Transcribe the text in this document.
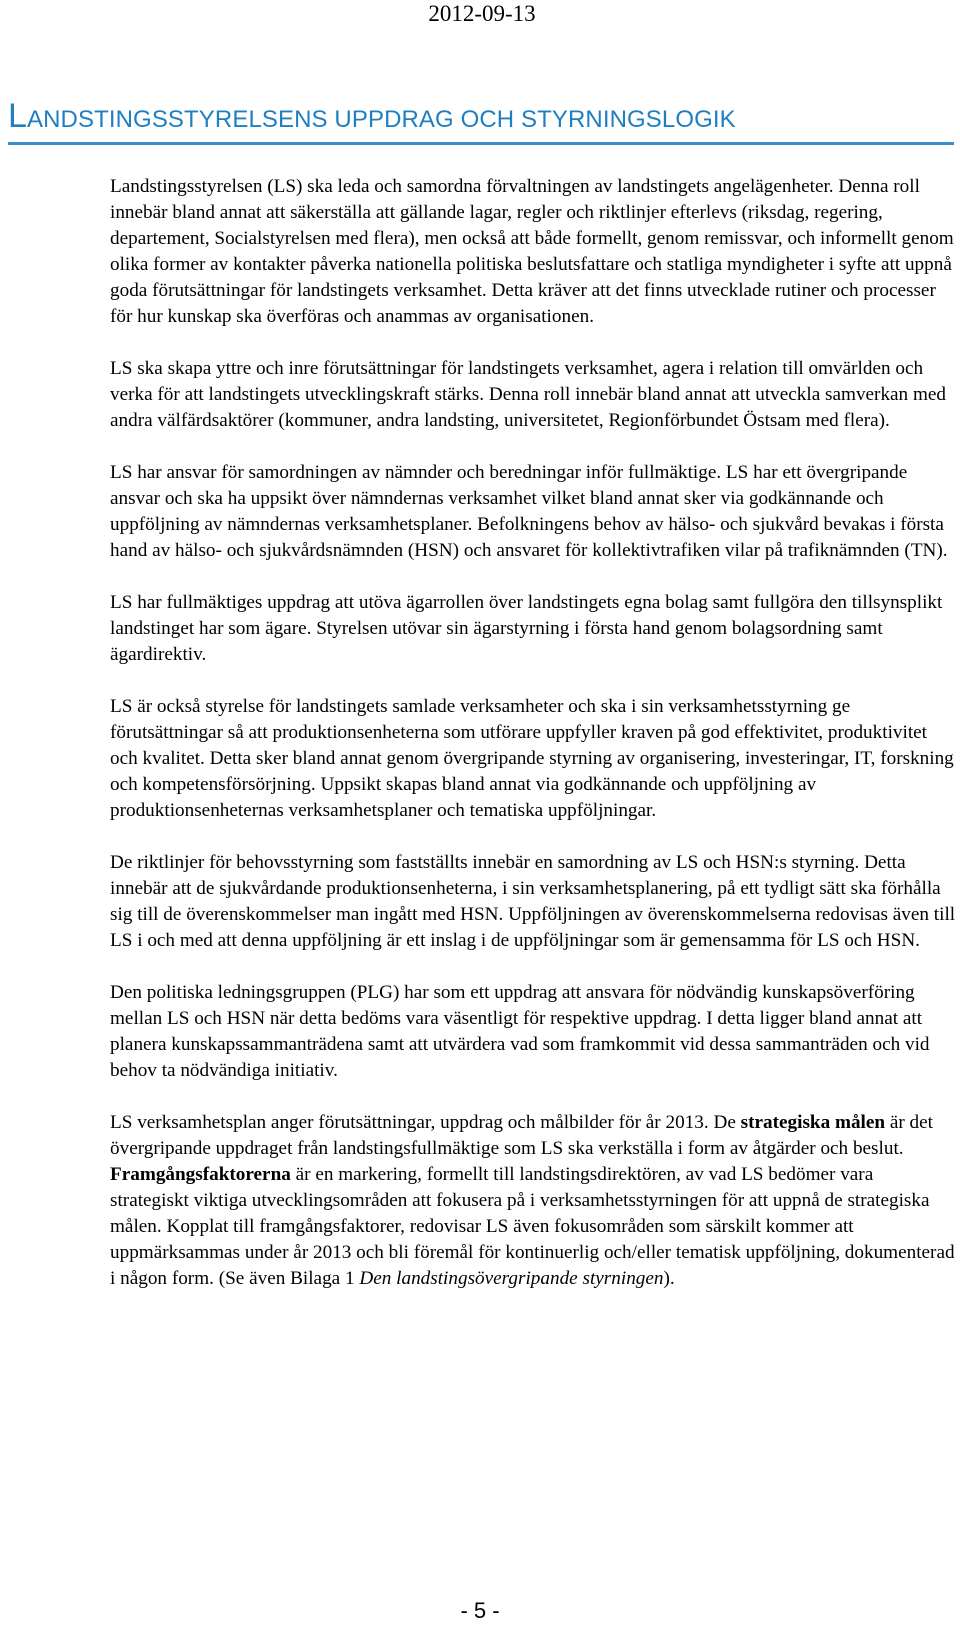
2012-09-13
LANDSTINGSSTYRELSENS UPPDRAG OCH STYRNINGSLOGIK

Landstingsstyrelsen (LS) ska leda och samordna förvaltningen av landstingets angelägenheter. Denna roll innebär bland annat att säkerställa att gällande lagar, regler och riktlinjer efterlevs (riksdag, regering, departement, Socialstyrelsen med flera), men också att både formellt, genom remissvar, och informellt genom olika former av kontakter påverka nationella politiska beslutsfattare och statliga myndigheter i syfte att uppnå goda förutsättningar för landstingets verksamhet. Detta kräver att det finns utvecklade rutiner och processer för hur kunskap ska överföras och anammas av organisationen.

LS ska skapa yttre och inre förutsättningar för landstingets verksamhet, agera i relation till omvärlden och verka för att landstingets utvecklingskraft stärks. Denna roll innebär bland annat att utveckla samverkan med andra välfärdsaktörer (kommuner, andra landsting, universitetet, Regionförbundet Östsam med flera).

LS har ansvar för samordningen av nämnder och beredningar inför fullmäktige. LS har ett övergripande ansvar och ska ha uppsikt över nämndernas verksamhet vilket bland annat sker via godkännande och uppföljning av nämndernas verksamhetsplaner. Befolkningens behov av hälso- och sjukvård bevakas i första hand av hälso- och sjukvårdsnämnden (HSN) och ansvaret för kollektivtrafiken vilar på trafiknämnden (TN).

LS har fullmäktiges uppdrag att utöva ägarrollen över landstingets egna bolag samt fullgöra den tillsynsplikt landstinget har som ägare. Styrelsen utövar sin ägarstyrning i första hand genom bolagsordning samt ägardirektiv.

LS är också styrelse för landstingets samlade verksamheter och ska i sin verksamhetsstyrning ge förutsättningar så att produktionsenheterna som utförare uppfyller kraven på god effektivitet, produktivitet och kvalitet. Detta sker bland annat genom övergripande styrning av organisering, investeringar, IT, forskning och kompetensförsörjning. Uppsikt skapas bland annat via godkännande och uppföljning av produktionsenheternas verksamhetsplaner och tematiska uppföljningar.

De riktlinjer för behovsstyrning som fastställts innebär en samordning av LS och HSN:s styrning. Detta innebär att de sjukvårdande produktionsenheterna, i sin verksamhetsplanering, på ett tydligt sätt ska förhålla sig till de överenskommelser man ingått med HSN. Uppföljningen av överenskommelserna redovisas även till LS i och med att denna uppföljning är ett inslag i de uppföljningar som är gemensamma för LS och HSN.

Den politiska ledningsgruppen (PLG) har som ett uppdrag att ansvara för nödvändig kunskapsöverföring mellan LS och HSN när detta bedöms vara väsentligt för respektive uppdrag. I detta ligger bland annat att planera kunskapssammanträdena samt att utvärdera vad som framkommit vid dessa sammanträden och vid behov ta nödvändiga initiativ.

LS verksamhetsplan anger förutsättningar, uppdrag och målbilder för år 2013. De strategiska målen är det övergripande uppdraget från landstingsfullmäktige som LS ska verkställa i form av åtgärder och beslut. Framgångsfaktorerna är en markering, formellt till landstingsdirektören, av vad LS bedömer vara strategiskt viktiga utvecklingsområden att fokusera på i verksamhetsstyrningen för att uppnå de strategiska målen. Kopplat till framgångsfaktorer, redovisar LS även fokusområden som särskilt kommer att uppmärksammas under år 2013 och bli föremål för kontinuerlig och/eller tematisk uppföljning, dokumenterad i någon form. (Se även Bilaga 1 Den landstingsövergripande styrningen).

- 5 -
